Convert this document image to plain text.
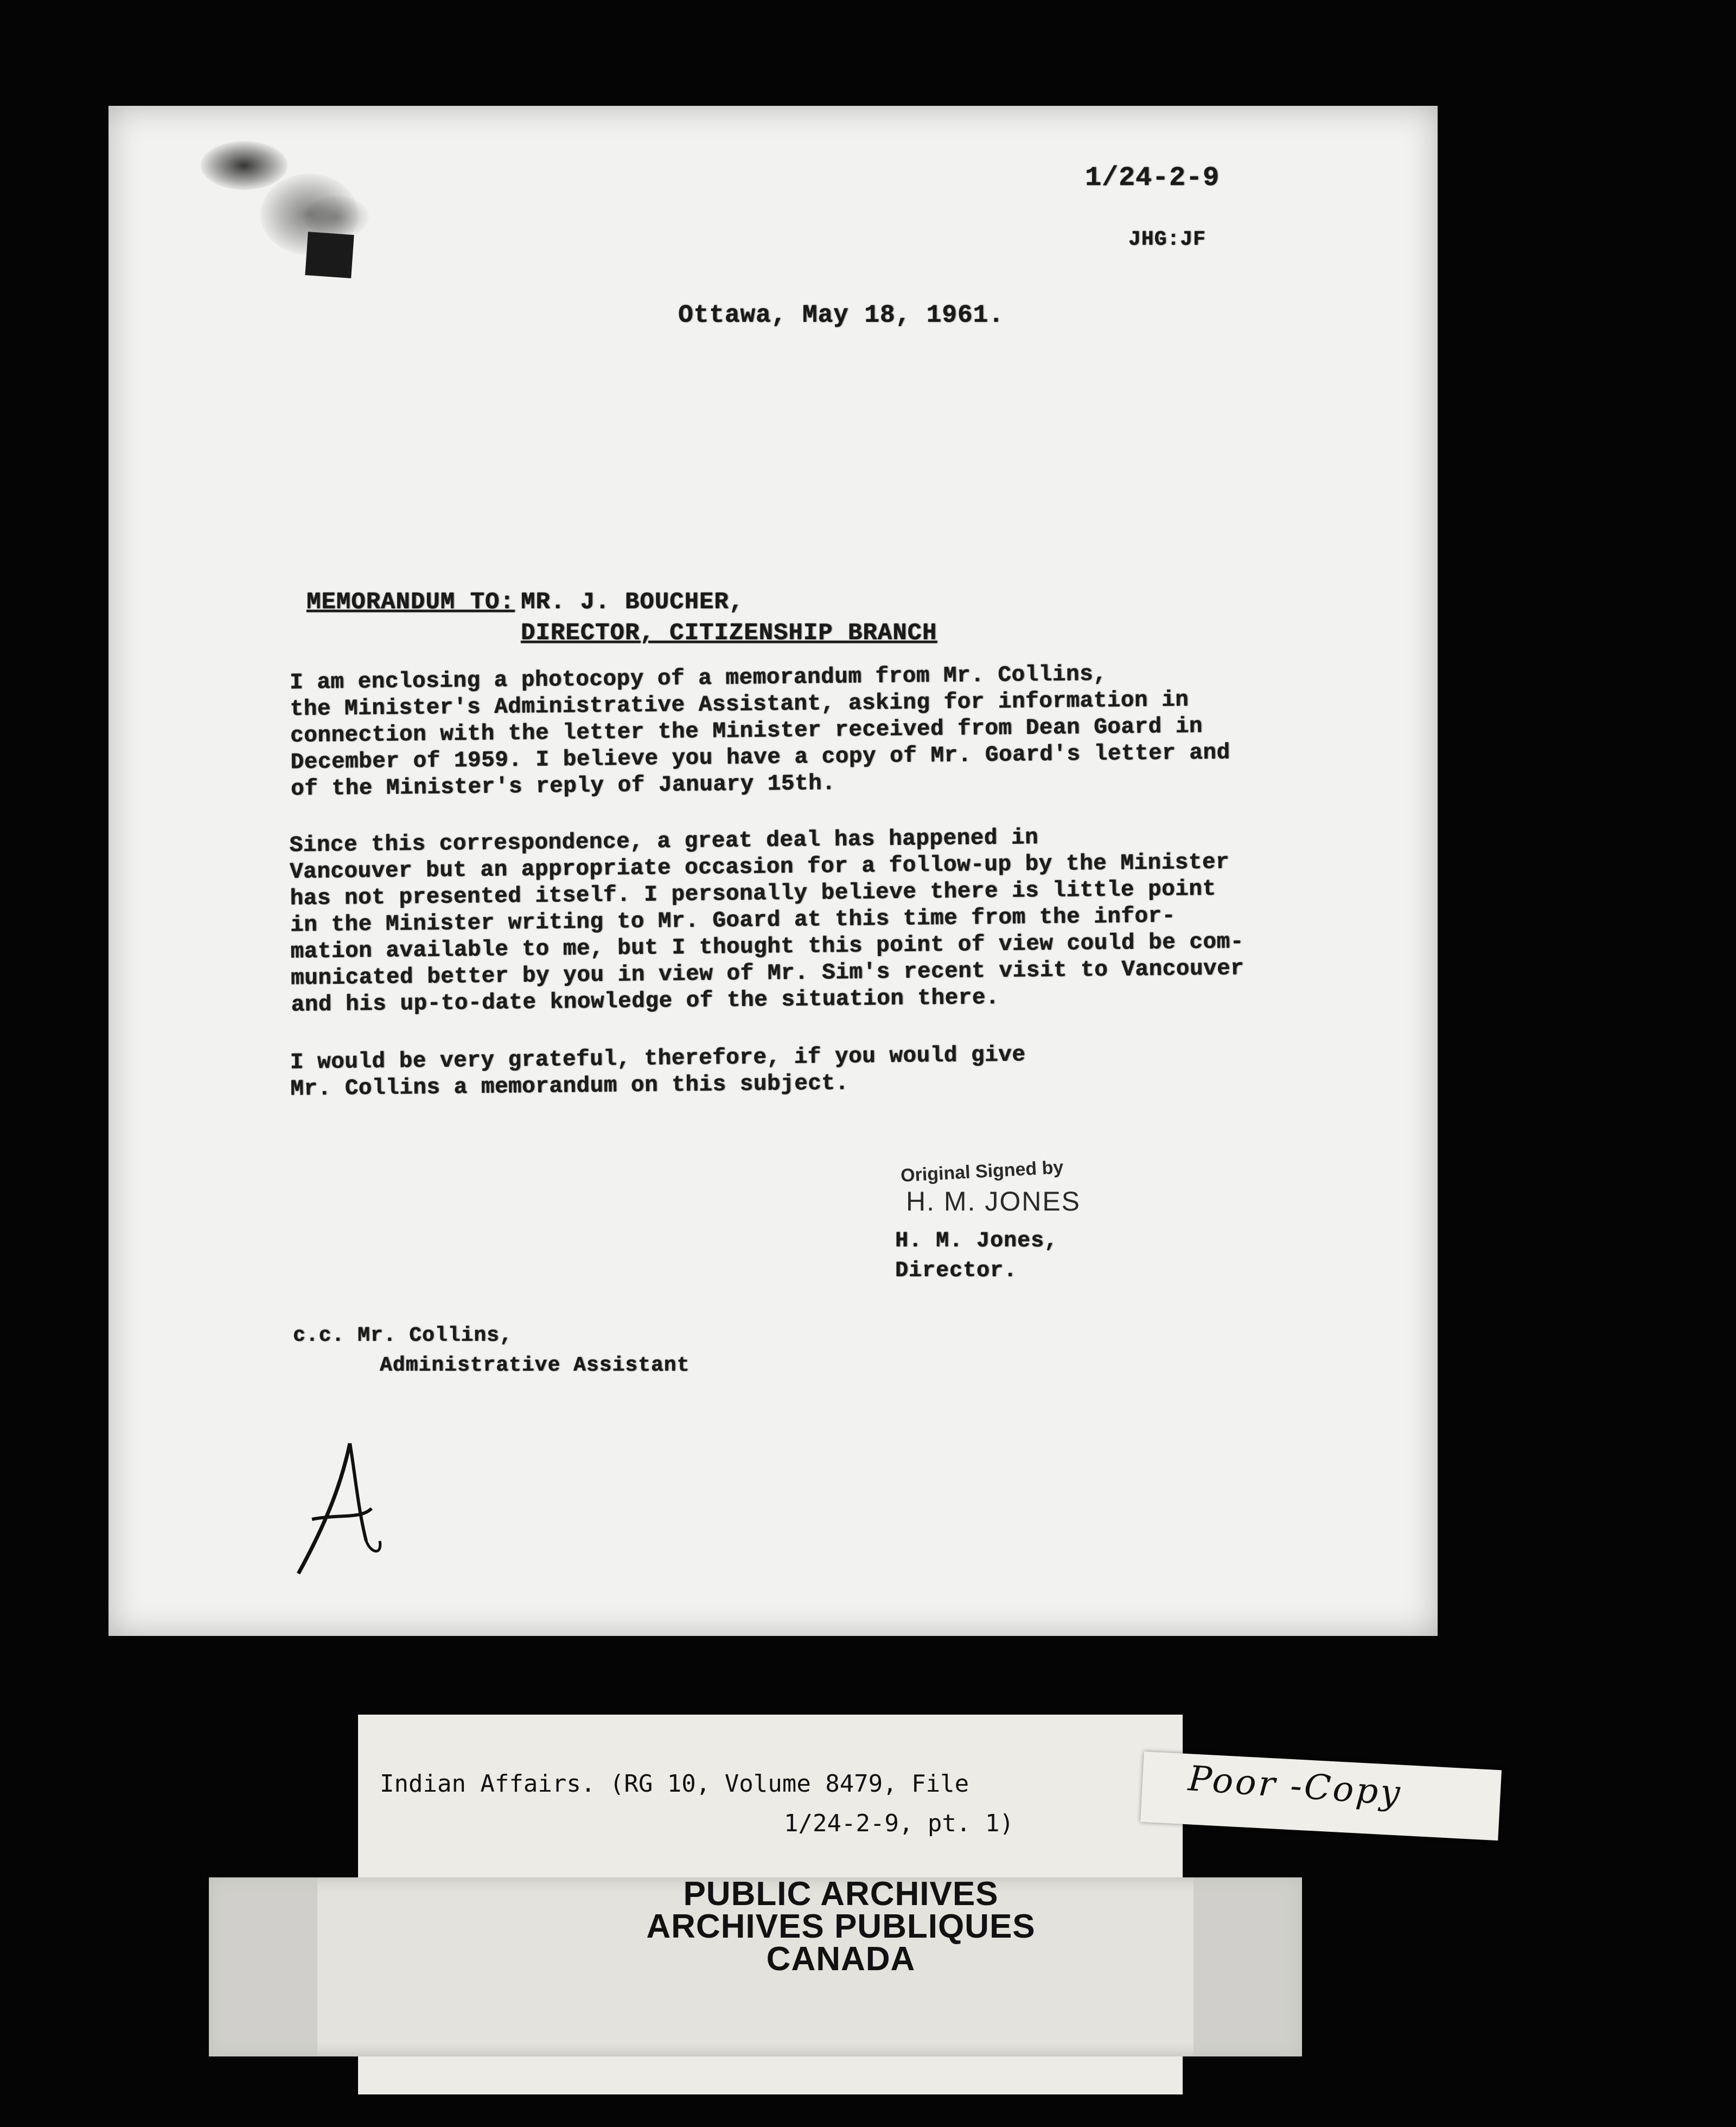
1/24-2-9
JHG:JF
Ottawa, May 18, 1961.
MEMORANDUM TO: MR. J. BOUCHER,
DIRECTOR, CITIZENSHIP BRANCH
I am enclosing a photocopy of a memorandum from Mr. Collins,
the Minister's Administrative Assistant, asking for information in
connection with the letter the Minister received from Dean Goard in
December of 1959. I believe you have a copy of Mr. Goard's letter and
of the Minister's reply of January 15th.
Since this correspondence, a great deal has happened in
Vancouver but an appropriate occasion for a follow-up by the Minister
has not presented itself. I personally believe there is little point
in the Minister writing to Mr. Goard at this time from the infor-
mation available to me, but I thought this point of view could be com-
municated better by you in view of Mr. Sim's recent visit to Vancouver
and his up-to-date knowledge of the situation there.
I would be very grateful, therefore, if you would give
Mr. Collins a memorandum on this subject.
Original Signed by
H. M. JONES
H. M. Jones,
Director.
c.c. Mr. Collins,
Administrative Assistant
Indian Affairs. (RG 10, Volume 8479, File
1/24-2-9, pt. 1)
Poor -Copy
PUBLIC ARCHIVES
ARCHIVES PUBLIQUES
CANADA
